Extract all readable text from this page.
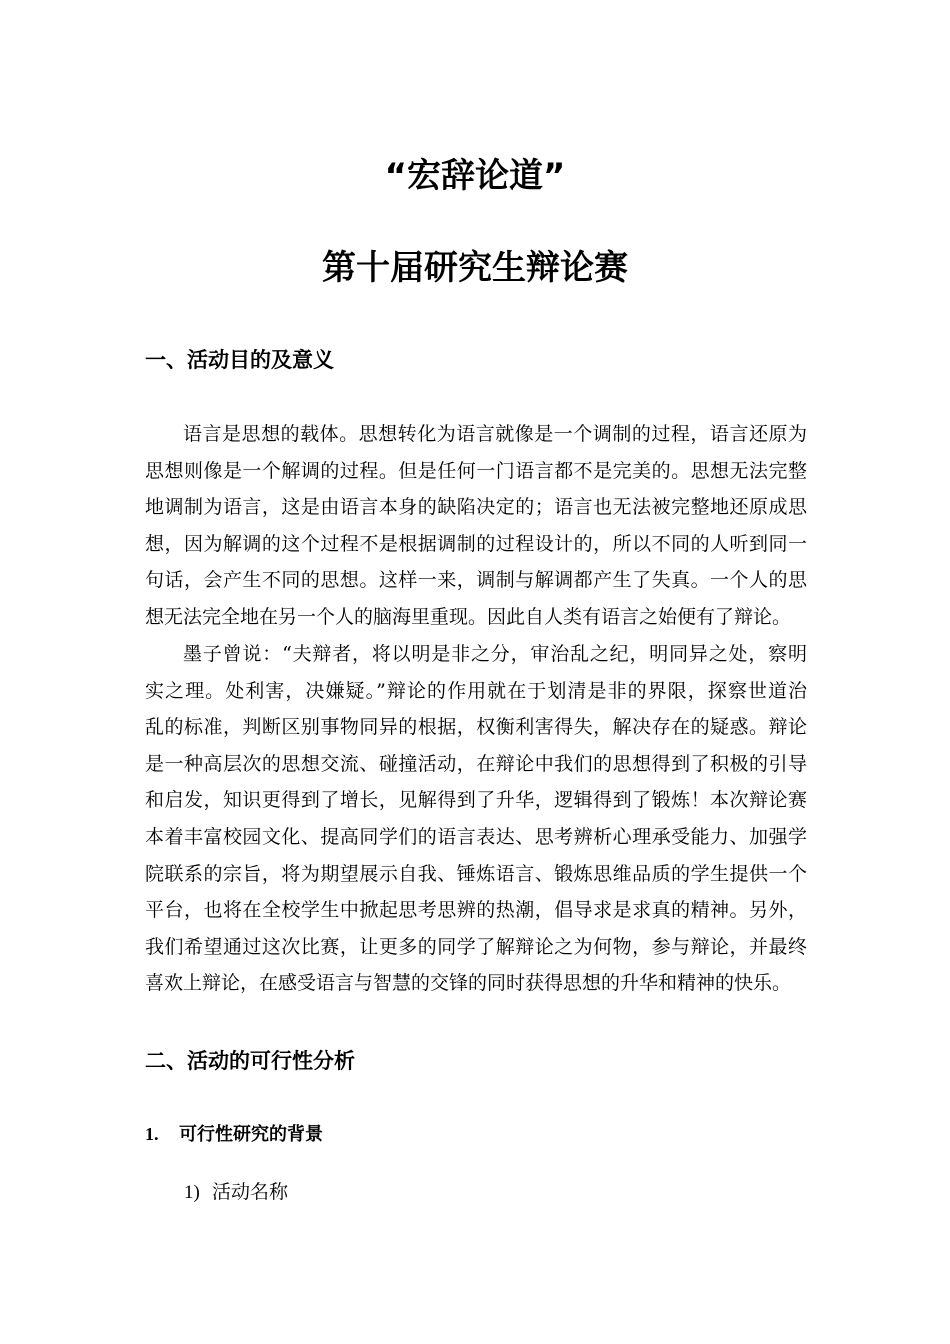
“宏辞论道”
第十届研究生辩论赛
一、活动目的及意义
语言是思想的载体。思想转化为语言就像是一个调制的过程，语言还原为
思想则像是一个解调的过程。但是任何一门语言都不是完美的。思想无法完整
地调制为语言，这是由语言本身的缺陷决定的；语言也无法被完整地还原成思
想，因为解调的这个过程不是根据调制的过程设计的，所以不同的人听到同一
句话，会产生不同的思想。这样一来，调制与解调都产生了失真。一个人的思
想无法完全地在另一个人的脑海里重现。因此自人类有语言之始便有了辩论。
墨子曾说：“夫辩者，将以明是非之分，审治乱之纪，明同异之处，察明
实之理。处利害，决嫌疑。”辩论的作用就在于划清是非的界限，探察世道治
乱的标准，判断区别事物同异的根据，权衡利害得失，解决存在的疑惑。辩论
是一种高层次的思想交流、碰撞活动，在辩论中我们的思想得到了积极的引导
和启发，知识更得到了增长，见解得到了升华，逻辑得到了锻炼！本次辩论赛
本着丰富校园文化、提高同学们的语言表达、思考辨析心理承受能力、加强学
院联系的宗旨，将为期望展示自我、锤炼语言、锻炼思维品质的学生提供一个
平台，也将在全校学生中掀起思考思辨的热潮，倡导求是求真的精神。另外，
我们希望通过这次比赛，让更多的同学了解辩论之为何物，参与辩论，并最终
喜欢上辩论，在感受语言与智慧的交锋的同时获得思想的升华和精神的快乐。
二、活动的可行性分析
1. 可行性研究的背景

1) 活动名称
